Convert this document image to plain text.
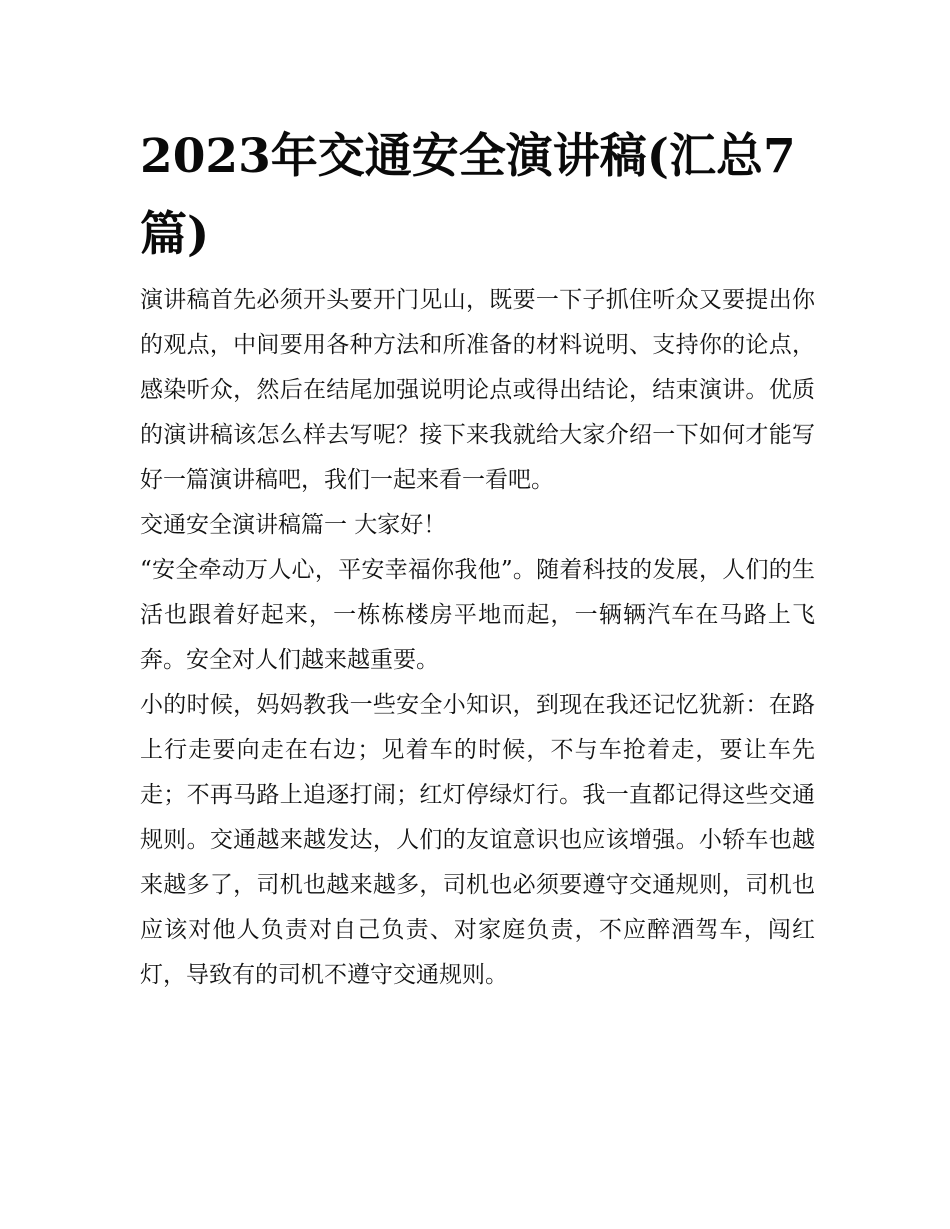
2023年交通安全演讲稿(汇总7篇)

演讲稿首先必须开头要开门见山，既要一下子抓住听众又要提出你的观点，中间要用各种方法和所准备的材料说明、支持你的论点，感染听众，然后在结尾加强说明论点或得出结论，结束演讲。优质的演讲稿该怎么样去写呢？接下来我就给大家介绍一下如何才能写好一篇演讲稿吧，我们一起来看一看吧。

交通安全演讲稿篇一 大家好！

“安全牵动万人心，平安幸福你我他”。随着科技的发展，人们的生活也跟着好起来，一栋栋楼房平地而起，一辆辆汽车在马路上飞奔。安全对人们越来越重要。

小的时候，妈妈教我一些安全小知识，到现在我还记忆犹新：在路上行走要向走在右边；见着车的时候，不与车抢着走，要让车先走；不再马路上追逐打闹；红灯停绿灯行。我一直都记得这些交通规则。交通越来越发达，人们的友谊意识也应该增强。小轿车也越来越多了，司机也越来越多，司机也必须要遵守交通规则，司机也应该对他人负责对自己负责、对家庭负责，不应醉酒驾车，闯红灯，导致有的司机不遵守交通规则。
